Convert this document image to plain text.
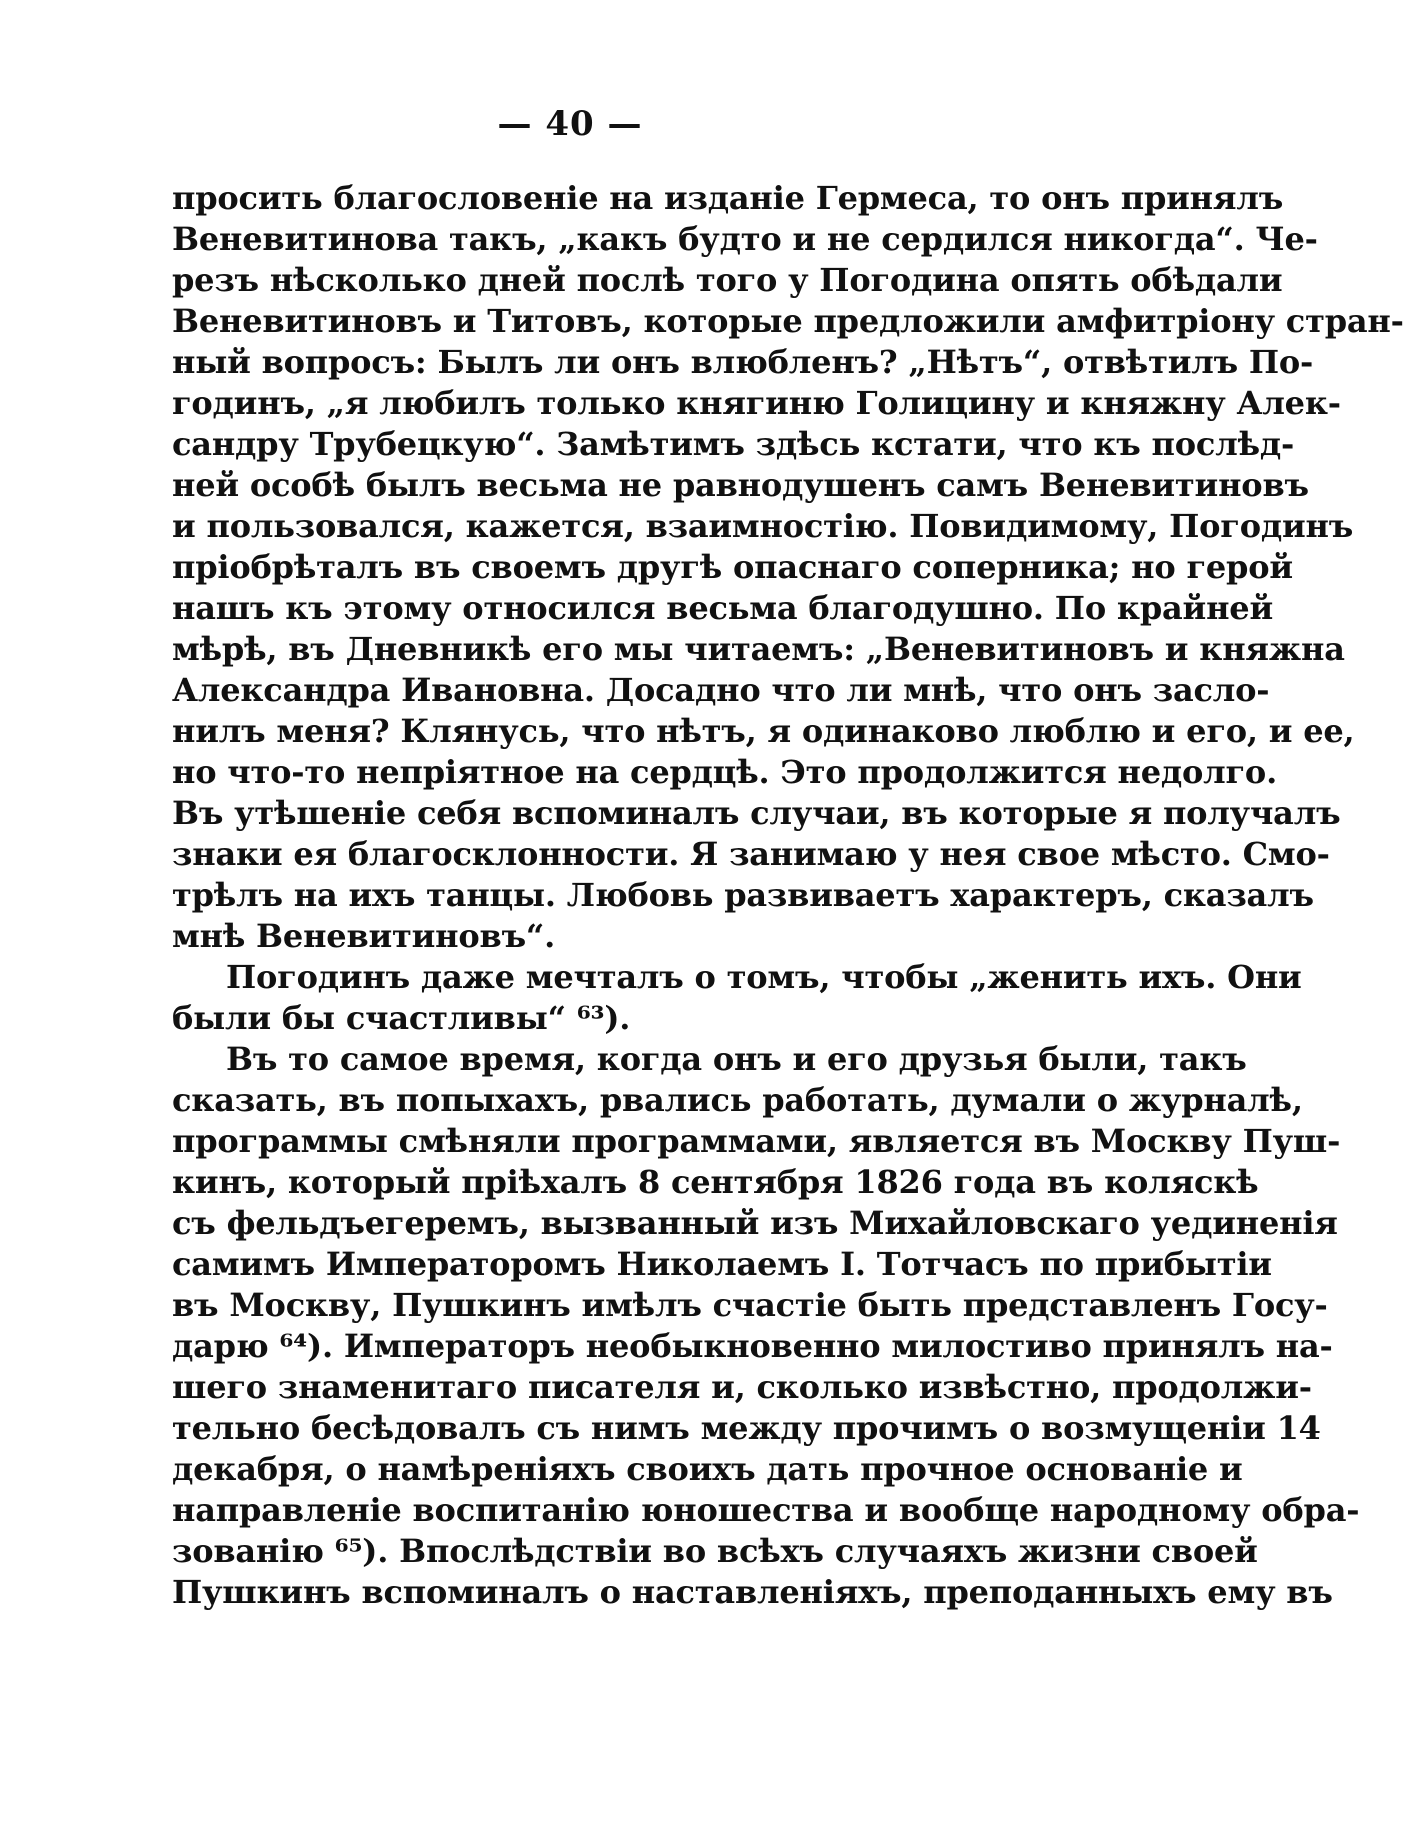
— 40 —
просить благословеніе на изданіе Гермеса, то онъ принялъ
Веневитинова такъ, „какъ будто и не сердился никогда“. Че-
резъ нѣсколько дней послѣ того у Погодина опять обѣдали
Веневитиновъ и Титовъ, которые предложили амфитріону стран-
ный вопросъ: Былъ ли онъ влюбленъ? „Нѣтъ“, отвѣтилъ По-
годинъ, „я любилъ только княгиню Голицину и княжну Алек-
сандру Трубецкую“. Замѣтимъ здѣсь кстати, что къ послѣд-
ней особѣ былъ весьма не равнодушенъ самъ Веневитиновъ
и пользовался, кажется, взаимностію. Повидимому, Погодинъ
пріобрѣталъ въ своемъ другѣ опаснаго соперника; но герой
нашъ къ этому относился весьма благодушно. По крайней
мѣрѣ, въ Дневникѣ его мы читаемъ: „Веневитиновъ и княжна
Александра Ивановна. Досадно что ли мнѣ, что онъ засло-
нилъ меня? Клянусь, что нѣтъ, я одинаково люблю и его, и ее,
но что-то непріятное на сердцѣ. Это продолжится недолго.
Въ утѣшеніе себя вспоминалъ случаи, въ которые я получалъ
знаки ея благосклонности. Я занимаю у нея свое мѣсто. Смо-
трѣлъ на ихъ танцы. Любовь развиваетъ характеръ, сказалъ
мнѣ Веневитиновъ“.
Погодинъ даже мечталъ о томъ, чтобы „женить ихъ. Они
были бы счастливы“ ⁶³).
Въ то самое время, когда онъ и его друзья были, такъ
сказать, въ попыхахъ, рвались работать, думали о журналѣ,
программы смѣняли программами, является въ Москву Пуш-
кинъ, который пріѣхалъ 8 сентября 1826 года въ коляскѣ
съ фельдъегеремъ, вызванный изъ Михайловскаго уединенія
самимъ Императоромъ Николаемъ I. Тотчасъ по прибытіи
въ Москву, Пушкинъ имѣлъ счастіе быть представленъ Госу-
дарю ⁶⁴). Императоръ необыкновенно милостиво принялъ на-
шего знаменитаго писателя и, сколько извѣстно, продолжи-
тельно бесѣдовалъ съ нимъ между прочимъ о возмущеніи 14
декабря, о намѣреніяхъ своихъ дать прочное основаніе и
направленіе воспитанію юношества и вообще народному обра-
зованію ⁶⁵). Впослѣдствіи во всѣхъ случаяхъ жизни своей
Пушкинъ вспоминалъ о наставленіяхъ, преподанныхъ ему въ
